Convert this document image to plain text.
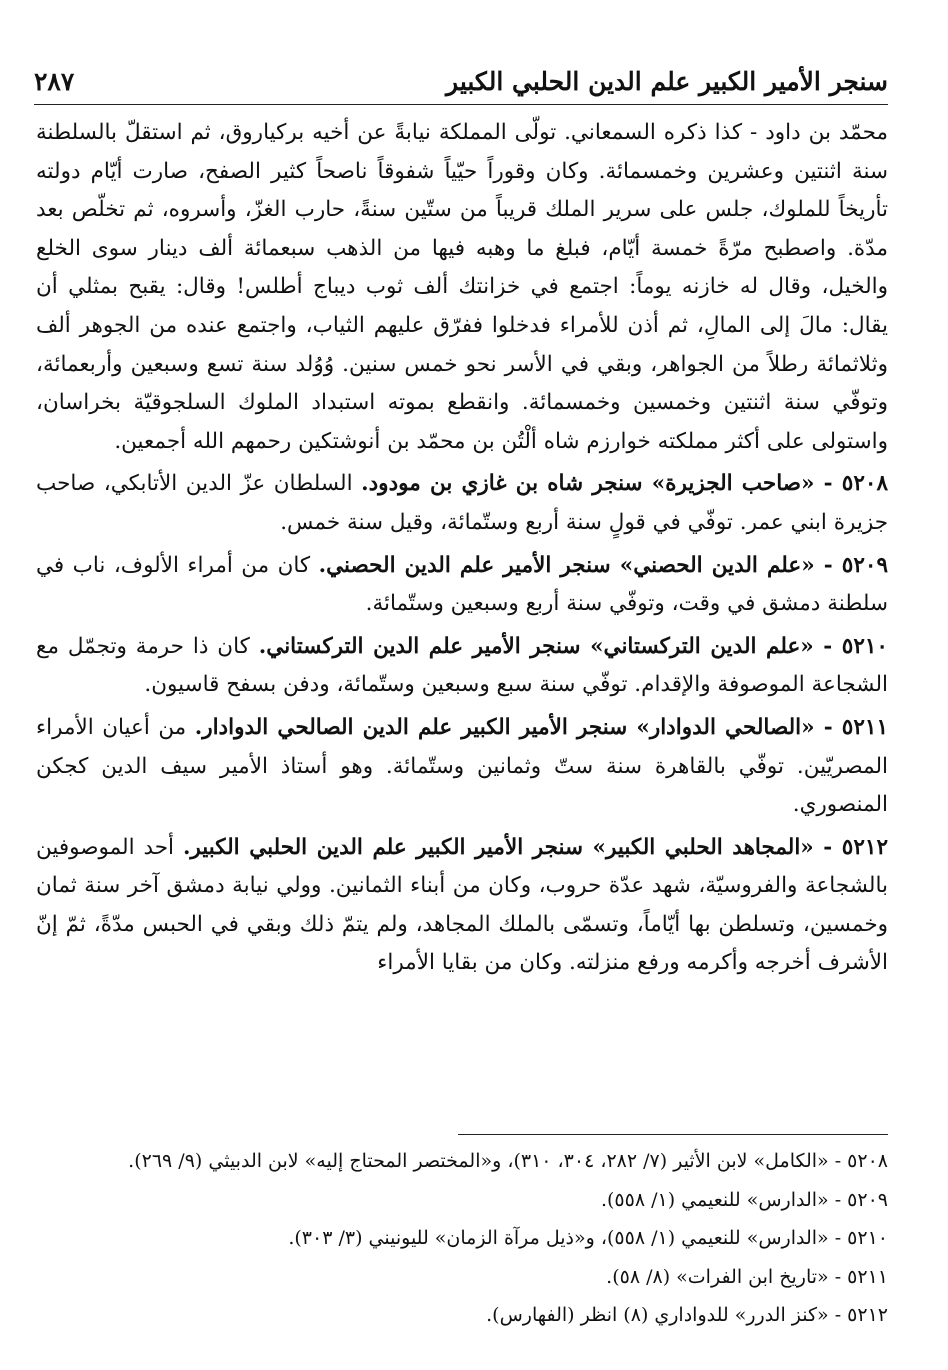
سنجر الأمير الكبير علم الدين الحلبي الكبير
٢٨٧

محمّد بن داود - كذا ذكره السمعاني. تولّى المملكة نيابةً عن أخيه بركياروق، ثم استقلّ بالسلطنة سنة اثنتين وعشرين وخمسمائة. وكان وقوراً حيّياً شفوقاً ناصحاً كثير الصفح، صارت أيّام دولته تأريخاً للملوك، جلس على سرير الملك قريباً من ستّين سنةً، حارب الغزّ، وأسروه، ثم تخلّص بعد مدّة. واصطبح مرّةً خمسة أيّام، فبلغ ما وهبه فيها من الذهب سبعمائة ألف دينار سوى الخلع والخيل، وقال له خازنه يوماً: اجتمع في خزانتك ألف ثوب ديباج أطلس! وقال: يقبح بمثلي أن يقال: مالَ إلى المالِ، ثم أذن للأمراء فدخلوا ففرّق عليهم الثياب، واجتمع عنده من الجوهر ألف وثلاثمائة رطلاً من الجواهر، وبقي في الأسر نحو خمس سنين. وُوُلد سنة تسع وسبعين وأربعمائة، وتوفّي سنة اثنتين وخمسين وخمسمائة. وانقطع بموته استبداد الملوك السلجوقيّة بخراسان، واستولى على أكثر مملكته خوارزم شاه ألْتُن بن محمّد بن أنوشتكين رحمهم الله أجمعين.

٥٢٠٨ - «صاحب الجزيرة» سنجر شاه بن غازي بن مودود. السلطان عزّ الدين الأتابكي، صاحب جزيرة ابني عمر. توفّي في قولٍ سنة أربع وستّمائة، وقيل سنة خمس.

٥٢٠٩ - «علم الدين الحصني» سنجر الأمير علم الدين الحصني. كان من أمراء الألوف، ناب في سلطنة دمشق في وقت، وتوفّي سنة أربع وسبعين وستّمائة.

٥٢١٠ - «علم الدين التركستاني» سنجر الأمير علم الدين التركستاني. كان ذا حرمة وتجمّل مع الشجاعة الموصوفة والإقدام. توفّي سنة سبع وسبعين وستّمائة، ودفن بسفح قاسيون.

٥٢١١ - «الصالحي الدوادار» سنجر الأمير الكبير علم الدين الصالحي الدوادار. من أعيان الأمراء المصريّين. توفّي بالقاهرة سنة ستّ وثمانين وستّمائة. وهو أستاذ الأمير سيف الدين كجكن المنصوري.

٥٢١٢ - «المجاهد الحلبي الكبير» سنجر الأمير الكبير علم الدين الحلبي الكبير. أحد الموصوفين بالشجاعة والفروسيّة، شهد عدّة حروب، وكان من أبناء الثمانين. وولي نيابة دمشق آخر سنة ثمان وخمسين، وتسلطن بها أيّاماً، وتسمّى بالملك المجاهد، ولم يتمّ ذلك وبقي في الحبس مدّةً، ثمّ إنّ الأشرف أخرجه وأكرمه ورفع منزلته. وكان من بقايا الأمراء

٥٢٠٨ - «الكامل» لابن الأثير (٧/ ٢٨٢، ٣٠٤، ٣١٠)، و«المختصر المحتاج إليه» لابن الدبيثي (٩/ ٢٦٩).

٥٢٠٩ - «الدارس» للنعيمي (١/ ٥٥٨).

٥٢١٠ - «الدارس» للنعيمي (١/ ٥٥٨)، و«ذيل مرآة الزمان» لليونيني (٣/ ٣٠٣).

٥٢١١ - «تاريخ ابن الفرات» (٨/ ٥٨).

٥٢١٢ - «كنز الدرر» للدواداري (٨) انظر (الفهارس).
